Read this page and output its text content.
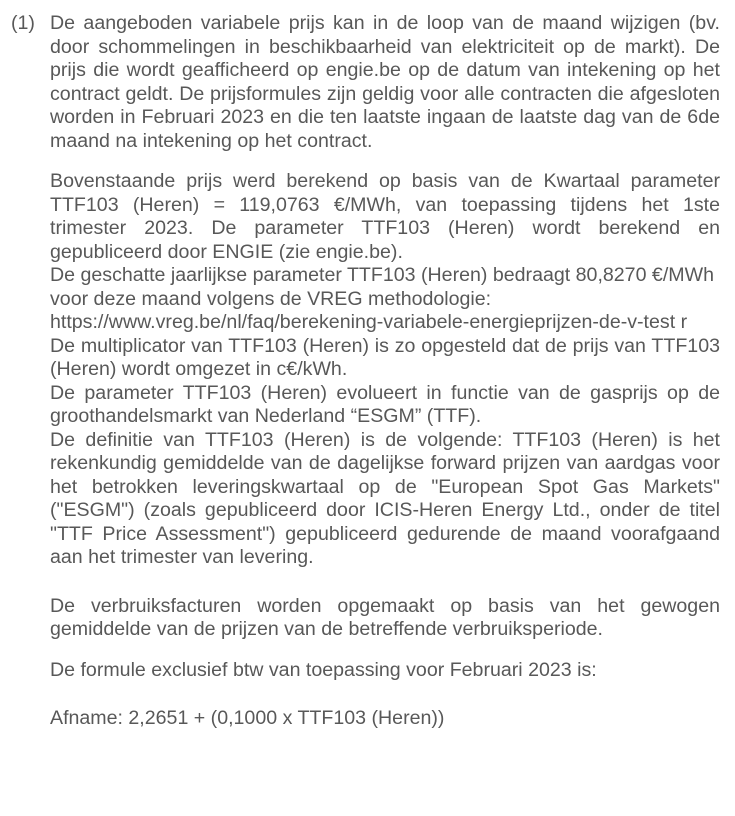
(1) De aangeboden variabele prijs kan in de loop van de maand wijzigen (bv. door schommelingen in beschikbaarheid van elektriciteit op de markt). De prijs die wordt geafficheerd op engie.be op de datum van intekening op het contract geldt. De prijsformules zijn geldig voor alle contracten die afgesloten worden in Februari 2023 en die ten laatste ingaan de laatste dag van de 6de maand na intekening op het contract.

Bovenstaande prijs werd berekend op basis van de Kwartaal parameter TTF103 (Heren) = 119,0763 €/MWh, van toepassing tijdens het 1ste trimester 2023. De parameter TTF103 (Heren) wordt berekend en gepubliceerd door ENGIE (zie engie.be).

De geschatte jaarlijkse parameter TTF103 (Heren) bedraagt 80,8270 €/MWh voor deze maand volgens de VREG methodologie:

https://www.vreg.be/nl/faq/berekening-variabele-energieprijzen-de-v-test r

De multiplicator van TTF103 (Heren) is zo opgesteld dat de prijs van TTF103 (Heren) wordt omgezet in c€/kWh.

De parameter TTF103 (Heren) evolueert in functie van de gasprijs op de groothandelsmarkt van Nederland “ESGM” (TTF).

De definitie van TTF103 (Heren) is de volgende: TTF103 (Heren) is het rekenkundig gemiddelde van de dagelijkse forward prijzen van aardgas voor het betrokken leveringskwartaal op de "European Spot Gas Markets" ("ESGM") (zoals gepubliceerd door ICIS-Heren Energy Ltd., onder de titel "TTF Price Assessment") gepubliceerd gedurende de maand voorafgaand aan het trimester van levering.

De verbruiksfacturen worden opgemaakt op basis van het gewogen gemiddelde van de prijzen van de betreffende verbruiksperiode.

De formule exclusief btw van toepassing voor Februari 2023 is:

Afname: 2,2651 + (0,1000 x TTF103 (Heren))
